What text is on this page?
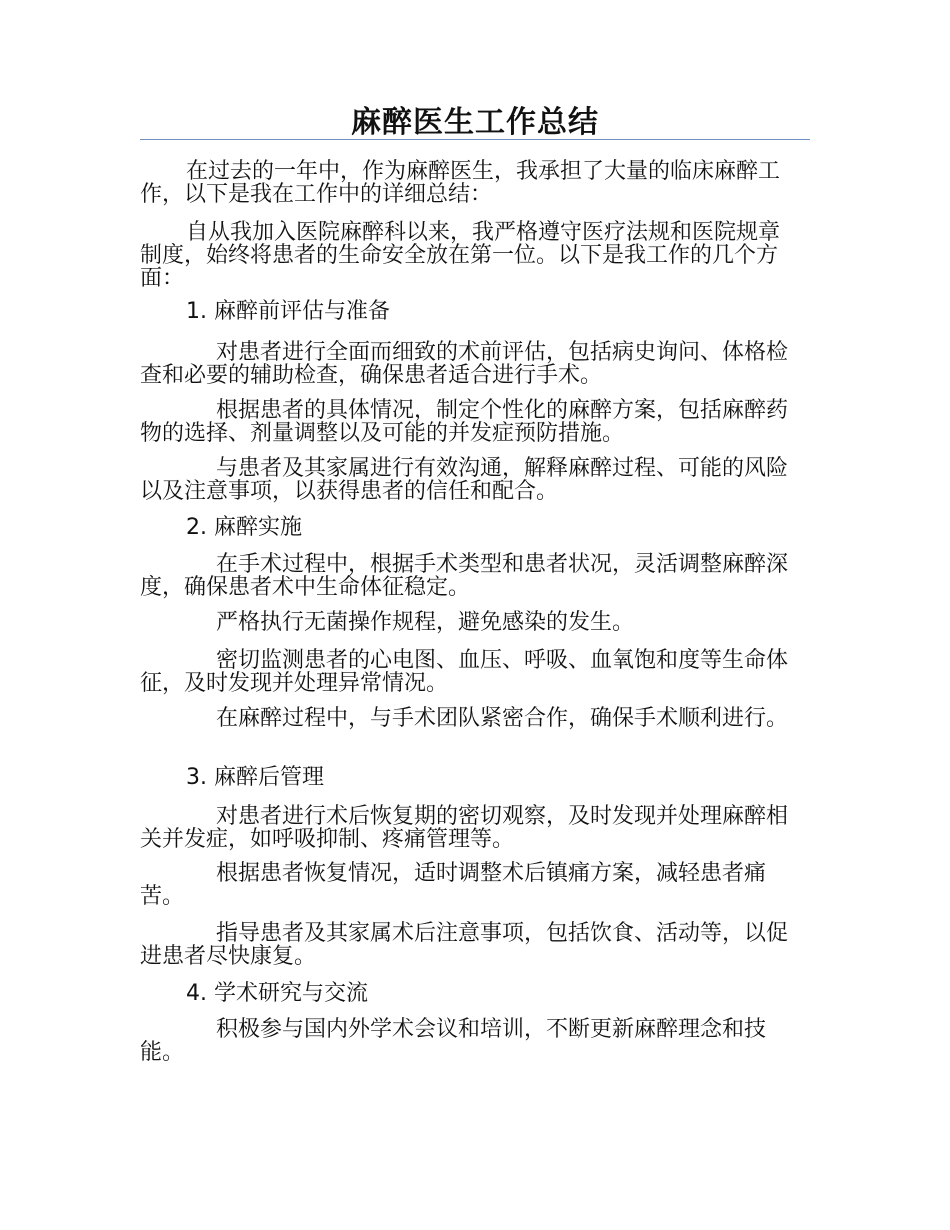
麻醉医生工作总结

在过去的一年中，作为麻醉医生，我承担了大量的临床麻醉工作，以下是我在工作中的详细总结：

自从我加入医院麻醉科以来，我严格遵守医疗法规和医院规章制度，始终将患者的生命安全放在第一位。以下是我工作的几个方面：

1. 麻醉前评估与准备

对患者进行全面而细致的术前评估，包括病史询问、体格检查和必要的辅助检查，确保患者适合进行手术。

根据患者的具体情况，制定个性化的麻醉方案，包括麻醉药物的选择、剂量调整以及可能的并发症预防措施。

与患者及其家属进行有效沟通，解释麻醉过程、可能的风险以及注意事项，以获得患者的信任和配合。

2. 麻醉实施

在手术过程中，根据手术类型和患者状况，灵活调整麻醉深度，确保患者术中生命体征稳定。

严格执行无菌操作规程，避免感染的发生。

密切监测患者的心电图、血压、呼吸、血氧饱和度等生命体征，及时发现并处理异常情况。

在麻醉过程中，与手术团队紧密合作，确保手术顺利进行。

3. 麻醉后管理

对患者进行术后恢复期的密切观察，及时发现并处理麻醉相关并发症，如呼吸抑制、疼痛管理等。

根据患者恢复情况，适时调整术后镇痛方案，减轻患者痛苦。

指导患者及其家属术后注意事项，包括饮食、活动等，以促进患者尽快康复。

4. 学术研究与交流

积极参与国内外学术会议和培训，不断更新麻醉理念和技能。
